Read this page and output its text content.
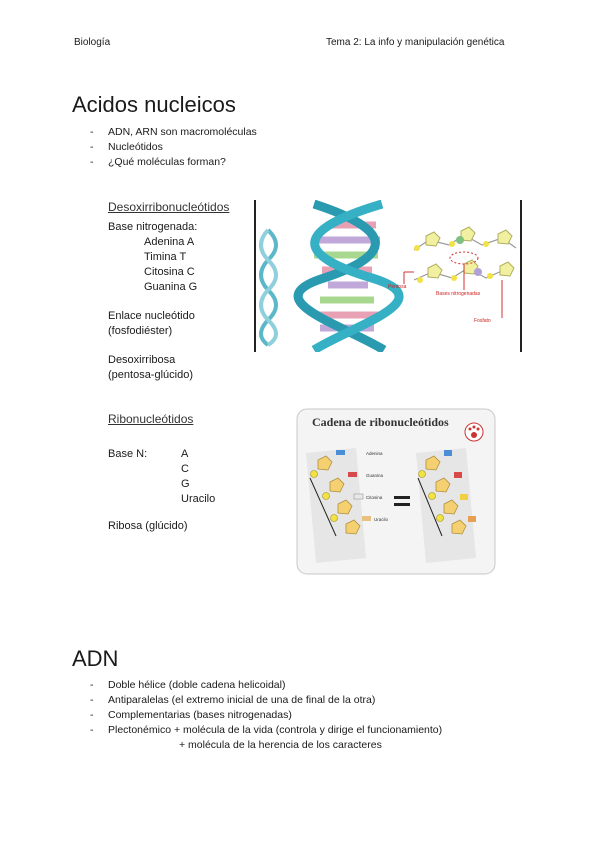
Biología	Tema 2: La info y manipulación genética
Acidos nucleicos
- ADN, ARN son macromoléculas
- Nucleótidos
- ¿Qué moléculas forman?
Desoxirribonucleótidos
Base nitrogenada:
Adenina A
Timina T
Citosina C
Guanina G
Enlace nucleótido
(fosfodiéster)
Desoxirribosa
(pentosa-glúcido)
Pentosa
Bases nitrogenadas
Fosfato
Ribonucleótidos
Base N:	A
C
G
Uracilo
Ribosa (glúcido)
Cadena de ribonucleótidos
Adenina
Guanina
Citosina
Uracilo
ADN
- Doble hélice (doble cadena helicoidal)
- Antiparalelas (el extremo inicial de una de final de la otra)
- Complementarias (bases nitrogenadas)
- Plectonémico + molécula de la vida (controla y dirige el funcionamiento)
+ molécula de la herencia de los caracteres
